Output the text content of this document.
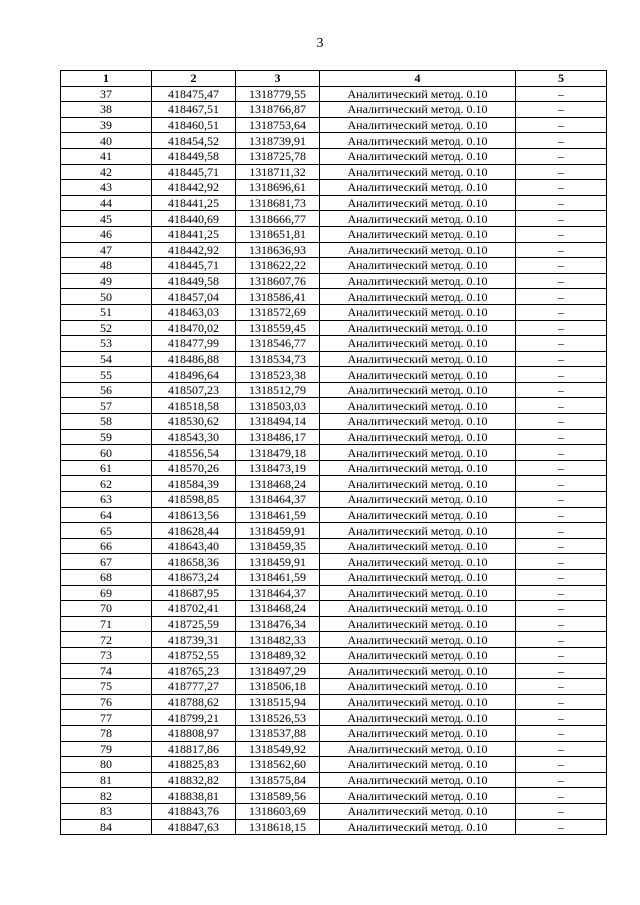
3
1	2	3	4	5
37	418475,47	1318779,55	Аналитический метод. 0.10	–
38	418467,51	1318766,87	Аналитический метод. 0.10	–
39	418460,51	1318753,64	Аналитический метод. 0.10	–
40	418454,52	1318739,91	Аналитический метод. 0.10	–
41	418449,58	1318725,78	Аналитический метод. 0.10	–
42	418445,71	1318711,32	Аналитический метод. 0.10	–
43	418442,92	1318696,61	Аналитический метод. 0.10	–
44	418441,25	1318681,73	Аналитический метод. 0.10	–
45	418440,69	1318666,77	Аналитический метод. 0.10	–
46	418441,25	1318651,81	Аналитический метод. 0.10	–
47	418442,92	1318636,93	Аналитический метод. 0.10	–
48	418445,71	1318622,22	Аналитический метод. 0.10	–
49	418449,58	1318607,76	Аналитический метод. 0.10	–
50	418457,04	1318586,41	Аналитический метод. 0.10	–
51	418463,03	1318572,69	Аналитический метод. 0.10	–
52	418470,02	1318559,45	Аналитический метод. 0.10	–
53	418477,99	1318546,77	Аналитический метод. 0.10	–
54	418486,88	1318534,73	Аналитический метод. 0.10	–
55	418496,64	1318523,38	Аналитический метод. 0.10	–
56	418507,23	1318512,79	Аналитический метод. 0.10	–
57	418518,58	1318503,03	Аналитический метод. 0.10	–
58	418530,62	1318494,14	Аналитический метод. 0.10	–
59	418543,30	1318486,17	Аналитический метод. 0.10	–
60	418556,54	1318479,18	Аналитический метод. 0.10	–
61	418570,26	1318473,19	Аналитический метод. 0.10	–
62	418584,39	1318468,24	Аналитический метод. 0.10	–
63	418598,85	1318464,37	Аналитический метод. 0.10	–
64	418613,56	1318461,59	Аналитический метод. 0.10	–
65	418628,44	1318459,91	Аналитический метод. 0.10	–
66	418643,40	1318459,35	Аналитический метод. 0.10	–
67	418658,36	1318459,91	Аналитический метод. 0.10	–
68	418673,24	1318461,59	Аналитический метод. 0.10	–
69	418687,95	1318464,37	Аналитический метод. 0.10	–
70	418702,41	1318468,24	Аналитический метод. 0.10	–
71	418725,59	1318476,34	Аналитический метод. 0.10	–
72	418739,31	1318482,33	Аналитический метод. 0.10	–
73	418752,55	1318489,32	Аналитический метод. 0.10	–
74	418765,23	1318497,29	Аналитический метод. 0.10	–
75	418777,27	1318506,18	Аналитический метод. 0.10	–
76	418788,62	1318515,94	Аналитический метод. 0.10	–
77	418799,21	1318526,53	Аналитический метод. 0.10	–
78	418808,97	1318537,88	Аналитический метод. 0.10	–
79	418817,86	1318549,92	Аналитический метод. 0.10	–
80	418825,83	1318562,60	Аналитический метод. 0.10	–
81	418832,82	1318575,84	Аналитический метод. 0.10	–
82	418838,81	1318589,56	Аналитический метод. 0.10	–
83	418843,76	1318603,69	Аналитический метод. 0.10	–
84	418847,63	1318618,15	Аналитический метод. 0.10	–
